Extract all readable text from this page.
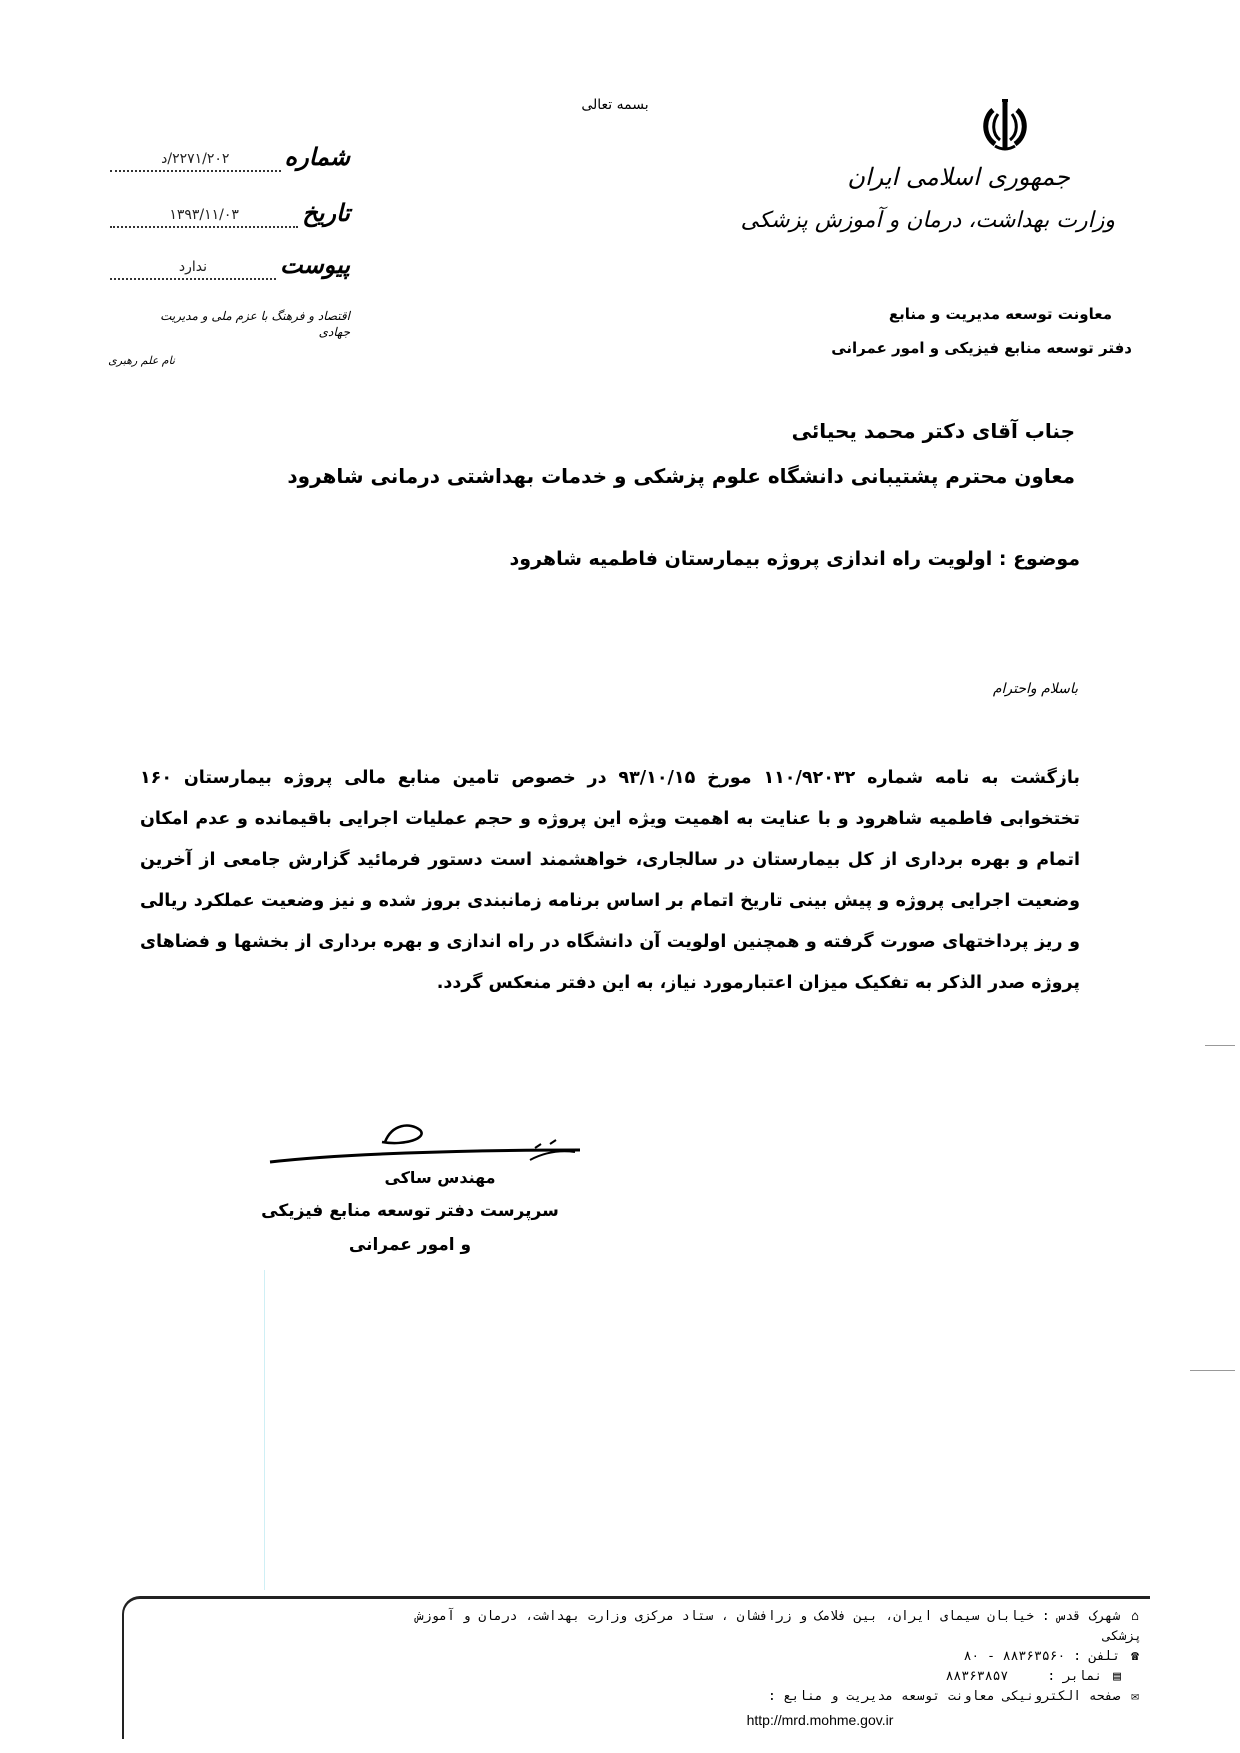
بسمه تعالی
جمهوری اسلامی ایران
وزارت بهداشت، درمان و آموزش پزشکی
معاونت توسعه مدیریت و منابع
دفتر توسعه منابع فیزیکی و امور عمرانی
شماره
۲۲۷۱/۲۰۲/د
تاریخ
۱۳۹۳/۱۱/۰۳
پیوست
ندارد
اقتصاد و فرهنگ با عزم ملی و مدیریت جهادی
نام علم رهبری
جناب آقای دکتر محمد یحیائی
معاون محترم پشتیبانی دانشگاه علوم پزشکی و خدمات بهداشتی درمانی شاهرود
موضوع : اولویت راه اندازی پروژه بیمارستان فاطمیه شاهرود
باسلام واحترام
بازگشت به نامه شماره ۱۱۰/۹۲۰۳۲ مورخ ۹۳/۱۰/۱۵ در خصوص تامین منابع مالی پروژه بیمارستان ۱۶۰ تختخوابی فاطمیه شاهرود و با عنایت به اهمیت ویژه این پروژه و حجم عملیات اجرایی باقیمانده و عدم امکان اتمام و بهره برداری از کل بیمارستان در سالجاری، خواهشمند است دستور فرمائید گزارش جامعی از آخرین وضعیت اجرایی پروژه و پیش بینی تاریخ اتمام بر اساس برنامه زمانبندی بروز شده و نیز وضعیت عملکرد ریالی و ریز پرداختهای صورت گرفته و همچنین اولویت آن دانشگاه در راه اندازی و بهره برداری از بخشها و فضاهای پروژه صدر الذکر به تفکیک میزان اعتبارمورد نیاز، به این دفتر منعکس گردد.
مهندس ساکی
سرپرست دفتر توسعه منابع فیزیکی
و امور عمرانی
⌂ شهرک قدس : خیابان سیمای ایران، بین فلامک و زرافشان ، ستاد مرکزی وزارت بهداشت، درمان و آموزش
پزشکی
☎ تلفن : ۸۸۳۶۳۵۶۰ - ۸۰
▤ نمابر :     ۸۸۳۶۳۸۵۷
✉ صفحه الکترونیکی معاونت توسعه مدیریت و منابع :
http://mrd.mohme.gov.ir
